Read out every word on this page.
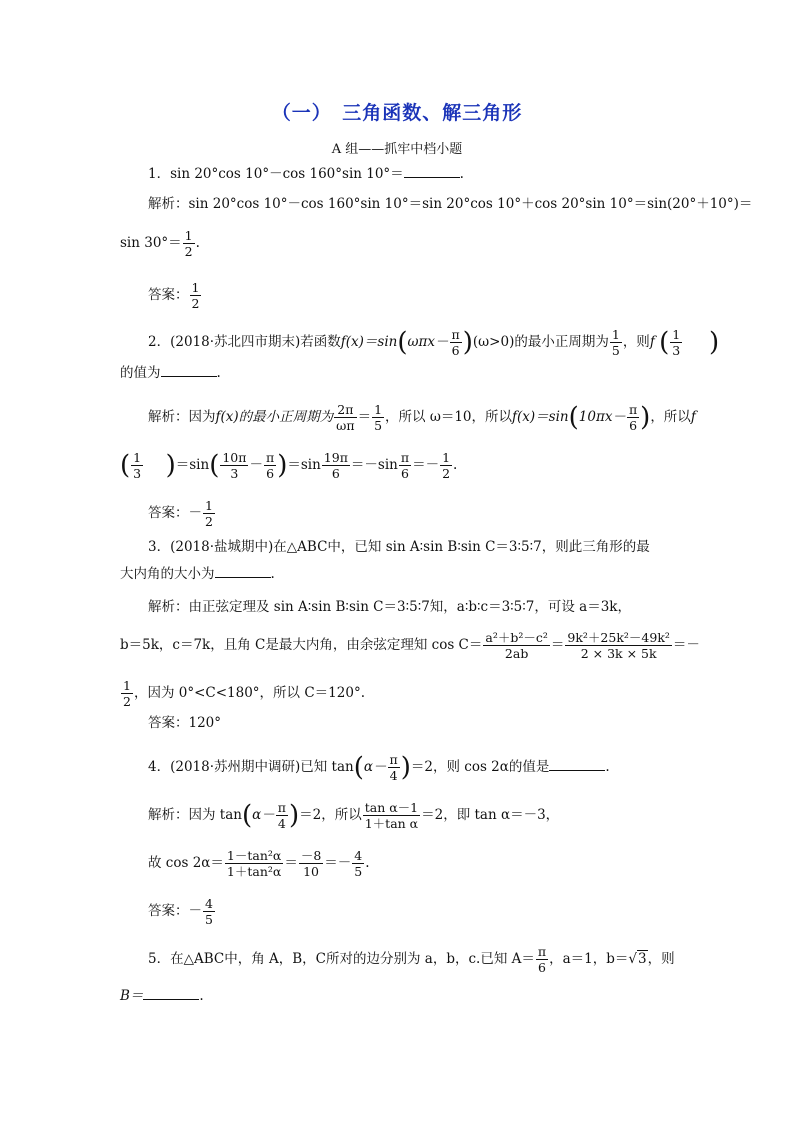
（一）　三角函数、解三角形
A 组——抓牢中档小题
1．sin 20°cos 10°－cos 160°sin 10°＝	.
解析：sin 20°cos 10°－cos 160°sin 10°＝sin 20°cos 10°＋cos 20°sin 10°＝sin(20°＋10°)＝
$\sin 30^\circ= \frac{1}{2}$ .
答案： $\frac{1}{2}$
2．(2018·苏北四市期末)若函数$f(x)=\sin(\omega\pi x- \frac{\pi}{6} )(\omega>0)$的最小正周期为 $\frac{1}{5}$ ，则f ( $\frac{1}{3}$ )
的值为	.
解析：因为f(x)的最小正周期为 $\frac{2\pi}{\omega\pi} = \frac{1}{5}$ ，所以 ω＝10，所以$f(x)=\sin(10\pi x- \frac{\pi}{6}$ )，所以f
( $\frac{1}{3} )=\sin( \frac{10\pi}{3} - \frac{\pi}{6} )=\sin \frac{19\pi}{6} =-\sin \frac{\pi}{6} =- \frac{1}{2}$ .
答案：－ $\frac{1}{2}$
3．(2018·盐城期中)在△ABC中，已知 sin A∶sin B∶sin C＝3∶5∶7，则此三角形的最
大内角的大小为	.
解析：由正弦定理及 sin A∶sin B∶sin C＝3∶5∶7知，a∶b∶c＝3∶5∶7，可设 a＝3k，
b＝5k，c＝7k，且角 C是最大内角，由余弦定理知 $\cos C= \frac{\text{a²＋b²－c²}}{2ab} = \frac{\text{9k²＋25k²－49k²}}{2 \times 3k \times 5k}$ ＝－
$\frac{1}{2}$ ，因为 0°<C<180°，所以 C＝120°.
答案：120°
4．(2018·苏州期中调研)已知 $\tan(\alpha- \frac{\pi}{4} )=2$，则 cos 2α的值是	.
解析：因为 $\tan(\alpha- \frac{\pi}{4} )=2$，所以 $\frac{\text{tan α－1}}{\text{1＋tan α}} =2$，即 tan α＝－3，
故 $\cos 2\alpha= \frac{\text{1－tan²α}}{\text{1＋tan²α}} = \frac{-8}{10} =- \frac{4}{5}$ .
答案：－ $\frac{4}{5}$
5．在△ABC中，角 A，B，C所对的边分别为 a，b，c.已知 $A= \frac{\pi}{6}$ ，a＝1，b＝√3，则
B＝	.
